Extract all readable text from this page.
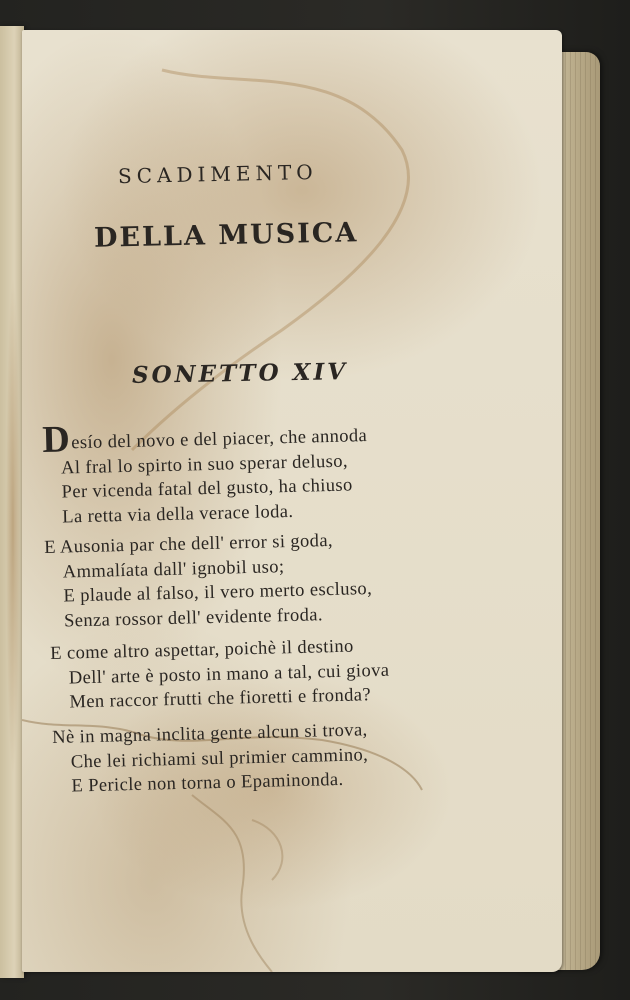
SCADIMENTO
DELLA MUSICA
SONETTO XIV
Desío del novo e del piacer, che annoda
Al fral lo spirto in suo sperar deluso,
Per vicenda fatal del gusto, ha chiuso
La retta via della verace loda.
E Ausonia par che dell' error si goda,
Ammalíata dall' ignobil uso;
E plaude al falso, il vero merto escluso,
Senza rossor dell' evidente froda.
E come altro aspettar, poichè il destino
Dell' arte è posto in mano a tal, cui giova
Men raccor frutti che fioretti e fronda?
Nè in magna inclita gente alcun si trova,
Che lei richiami sul primier cammino,
E Pericle non torna o Epaminonda.
